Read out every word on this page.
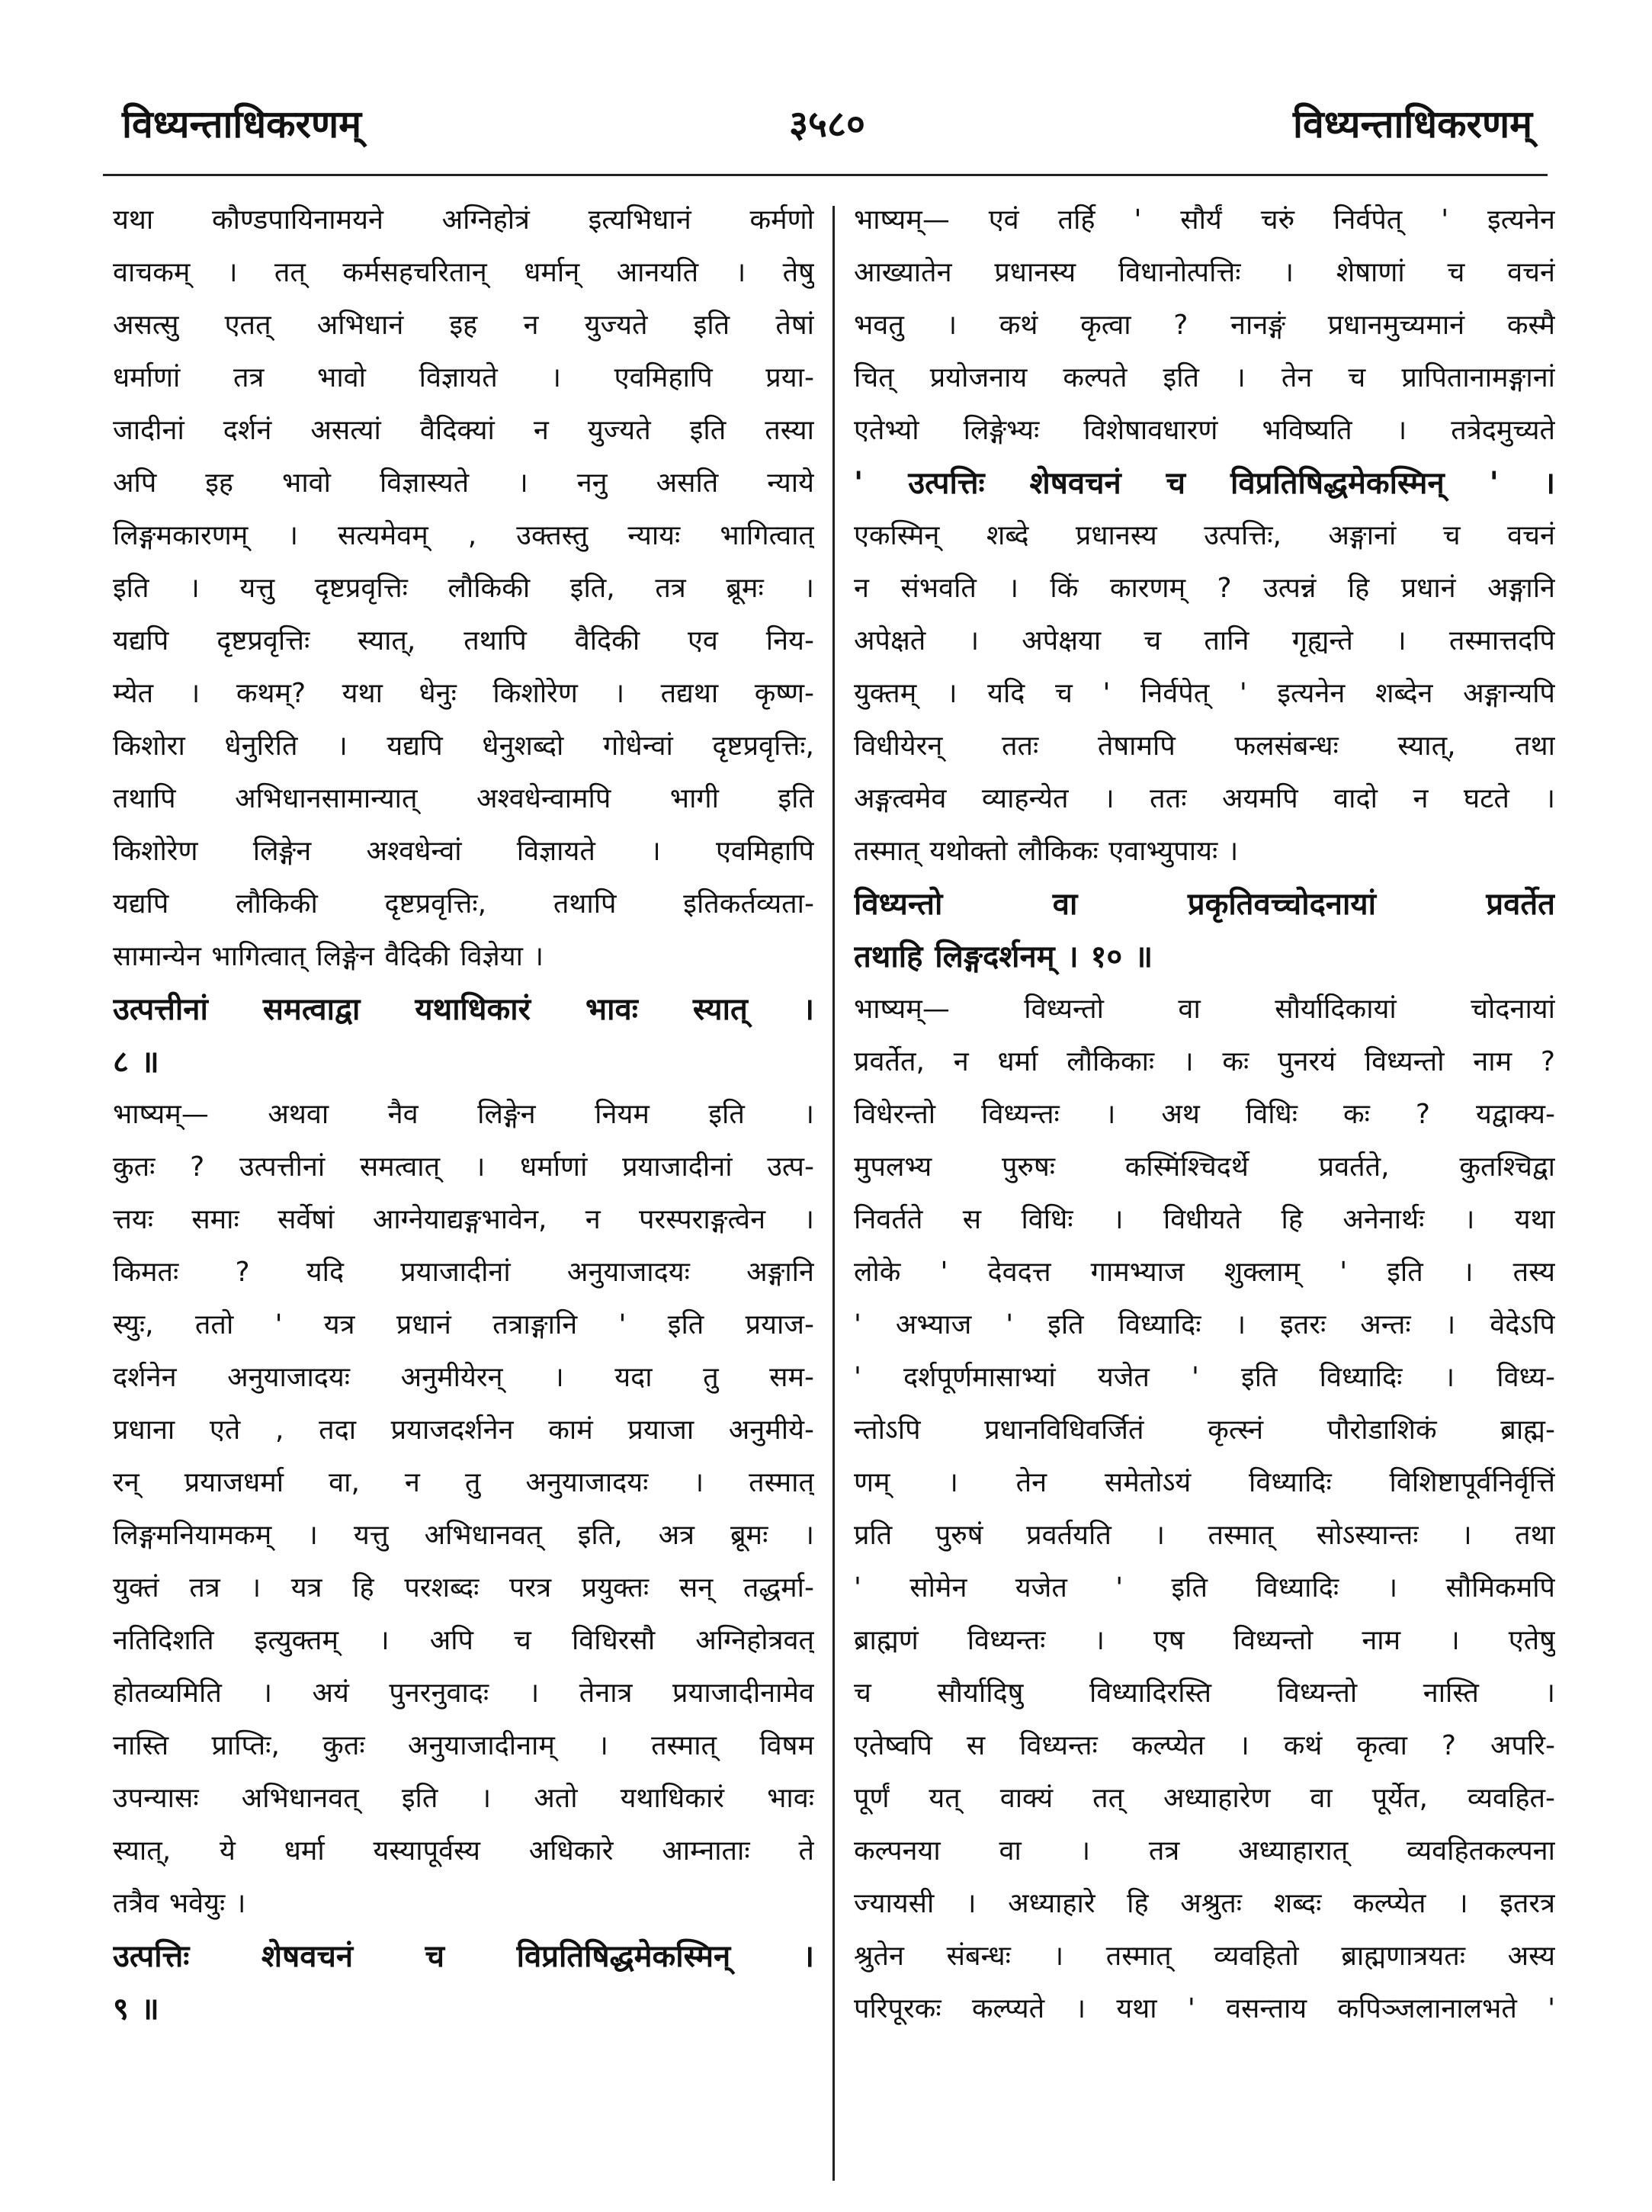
विध्यन्ताधिकरणम्	३५८०	विध्यन्ताधिकरणम्
यथा कौण्डपायिनामयने अग्निहोत्रं इत्यभिधानं कर्मणो
वाचकम् । तत् कर्मसहचरितान् धर्मान् आनयति । तेषु
असत्सु एतत् अभिधानं इह न युज्यते इति तेषां
धर्माणां तत्र भावो विज्ञायते । एवमिहापि प्रया-
जादीनां दर्शनं असत्यां वैदिक्यां न युज्यते इति तस्या
अपि इह भावो विज्ञास्यते । ननु असति न्याये
लिङ्गमकारणम् । सत्यमेवम् , उक्तस्तु न्यायः भागित्वात्
इति । यत्तु दृष्टप्रवृत्तिः लौकिकी इति, तत्र ब्रूमः ।
यद्यपि दृष्टप्रवृत्तिः स्यात्, तथापि वैदिकी एव निय-
म्येत । कथम्? यथा धेनुः किशोरेण । तद्यथा कृष्ण-
किशोरा धेनुरिति । यद्यपि धेनुशब्दो गोधेन्वां दृष्टप्रवृत्तिः,
तथापि अभिधानसामान्यात् अश्वधेन्वामपि भागी इति
किशोरेण लिङ्गेन अश्वधेन्वां विज्ञायते । एवमिहापि
यद्यपि लौकिकी दृष्टप्रवृत्तिः, तथापि इतिकर्तव्यता-
सामान्येन भागित्वात् लिङ्गेन वैदिकी विज्ञेया ।
उत्पत्तीनां समत्वाद्वा यथाधिकारं भावः स्यात् ।
८ ॥
भाष्यम्— अथवा नैव लिङ्गेन नियम इति ।
कुतः ? उत्पत्तीनां समत्वात् । धर्माणां प्रयाजादीनां उत्प-
त्तयः समाः सर्वेषां आग्नेयाद्यङ्गभावेन, न परस्पराङ्गत्वेन ।
किमतः ? यदि प्रयाजादीनां अनुयाजादयः अङ्गानि
स्युः, ततो ' यत्र प्रधानं तत्राङ्गानि ' इति प्रयाज-
दर्शनेन अनुयाजादयः अनुमीयेरन् । यदा तु सम-
प्रधाना एते , तदा प्रयाजदर्शनेन कामं प्रयाजा अनुमीये-
रन् प्रयाजधर्मा वा, न तु अनुयाजादयः । तस्मात्
लिङ्गमनियामकम् । यत्तु अभिधानवत् इति, अत्र ब्रूमः ।
युक्तं तत्र । यत्र हि परशब्दः परत्र प्रयुक्तः सन् तद्धर्मा-
नतिदिशति इत्युक्तम् । अपि च विधिरसौ अग्निहोत्रवत्
होतव्यमिति । अयं पुनरनुवादः । तेनात्र प्रयाजादीनामेव
नास्ति प्राप्तिः, कुतः अनुयाजादीनाम् । तस्मात् विषम
उपन्यासः अभिधानवत् इति । अतो यथाधिकारं भावः
स्यात्, ये धर्मा यस्यापूर्वस्य अधिकारे आम्नाताः ते
तत्रैव भवेयुः ।
उत्पत्तिः शेषवचनं च विप्रतिषिद्धमेकस्मिन् ।
९ ॥
भाष्यम्— एवं तर्हि ' सौर्यं चरुं निर्वपेत् ' इत्यनेन
आख्यातेन प्रधानस्य विधानोत्पत्तिः । शेषाणां च वचनं
भवतु । कथं कृत्वा ? नानङ्गं प्रधानमुच्यमानं कस्मै
चित् प्रयोजनाय कल्पते इति । तेन च प्रापितानामङ्गानां
एतेभ्यो लिङ्गेभ्यः विशेषावधारणं भविष्यति । तत्रेदमुच्यते
' उत्पत्तिः शेषवचनं च विप्रतिषिद्धमेकस्मिन् ' ।
एकस्मिन् शब्दे प्रधानस्य उत्पत्तिः, अङ्गानां च वचनं
न संभवति । किं कारणम् ? उत्पन्नं हि प्रधानं अङ्गानि
अपेक्षते । अपेक्षया च तानि गृह्यन्ते । तस्मात्तदपि
युक्तम् । यदि च ' निर्वपेत् ' इत्यनेन शब्देन अङ्गान्यपि
विधीयेरन् ततः तेषामपि फलसंबन्धः स्यात्, तथा
अङ्गत्वमेव व्याहन्येत । ततः अयमपि वादो न घटते ।
तस्मात् यथोक्तो लौकिकः एवाभ्युपायः ।
विध्यन्तो वा प्रकृतिवच्चोदनायां प्रवर्तेत
तथाहि लिङ्गदर्शनम् । १० ॥
भाष्यम्— विध्यन्तो वा सौर्यादिकायां चोदनायां
प्रवर्तेत, न धर्मा लौकिकाः । कः पुनरयं विध्यन्तो नाम ?
विधेरन्तो विध्यन्तः । अथ विधिः कः ? यद्वाक्य-
मुपलभ्य पुरुषः कस्मिंश्चिदर्थे प्रवर्तते, कुतश्चिद्वा
निवर्तते स विधिः । विधीयते हि अनेनार्थः । यथा
लोके ' देवदत्त गामभ्याज शुक्लाम् ' इति । तस्य
' अभ्याज ' इति विध्यादिः । इतरः अन्तः । वेदेऽपि
' दर्शपूर्णमासाभ्यां यजेत ' इति विध्यादिः । विध्य-
न्तोऽपि प्रधानविधिवर्जितं कृत्स्नं पौरोडाशिकं ब्राह्म-
णम् । तेन समेतोऽयं विध्यादिः विशिष्टापूर्वनिर्वृत्तिं
प्रति पुरुषं प्रवर्तयति । तस्मात् सोऽस्यान्तः । तथा
' सोमेन यजेत ' इति विध्यादिः । सौमिकमपि
ब्राह्मणं विध्यन्तः । एष विध्यन्तो नाम । एतेषु
च सौर्यादिषु विध्यादिरस्ति विध्यन्तो नास्ति ।
एतेष्वपि स विध्यन्तः कल्प्येत । कथं कृत्वा ? अपरि-
पूर्णं यत् वाक्यं तत् अध्याहारेण वा पूर्येत, व्यवहित-
कल्पनया वा । तत्र अध्याहारात् व्यवहितकल्पना
ज्यायसी । अध्याहारे हि अश्रुतः शब्दः कल्प्येत । इतरत्र
श्रुतेन संबन्धः । तस्मात् व्यवहितो ब्राह्मणात्रयतः अस्य
परिपूरकः कल्प्यते । यथा ' वसन्ताय कपिञ्जलानालभते '
